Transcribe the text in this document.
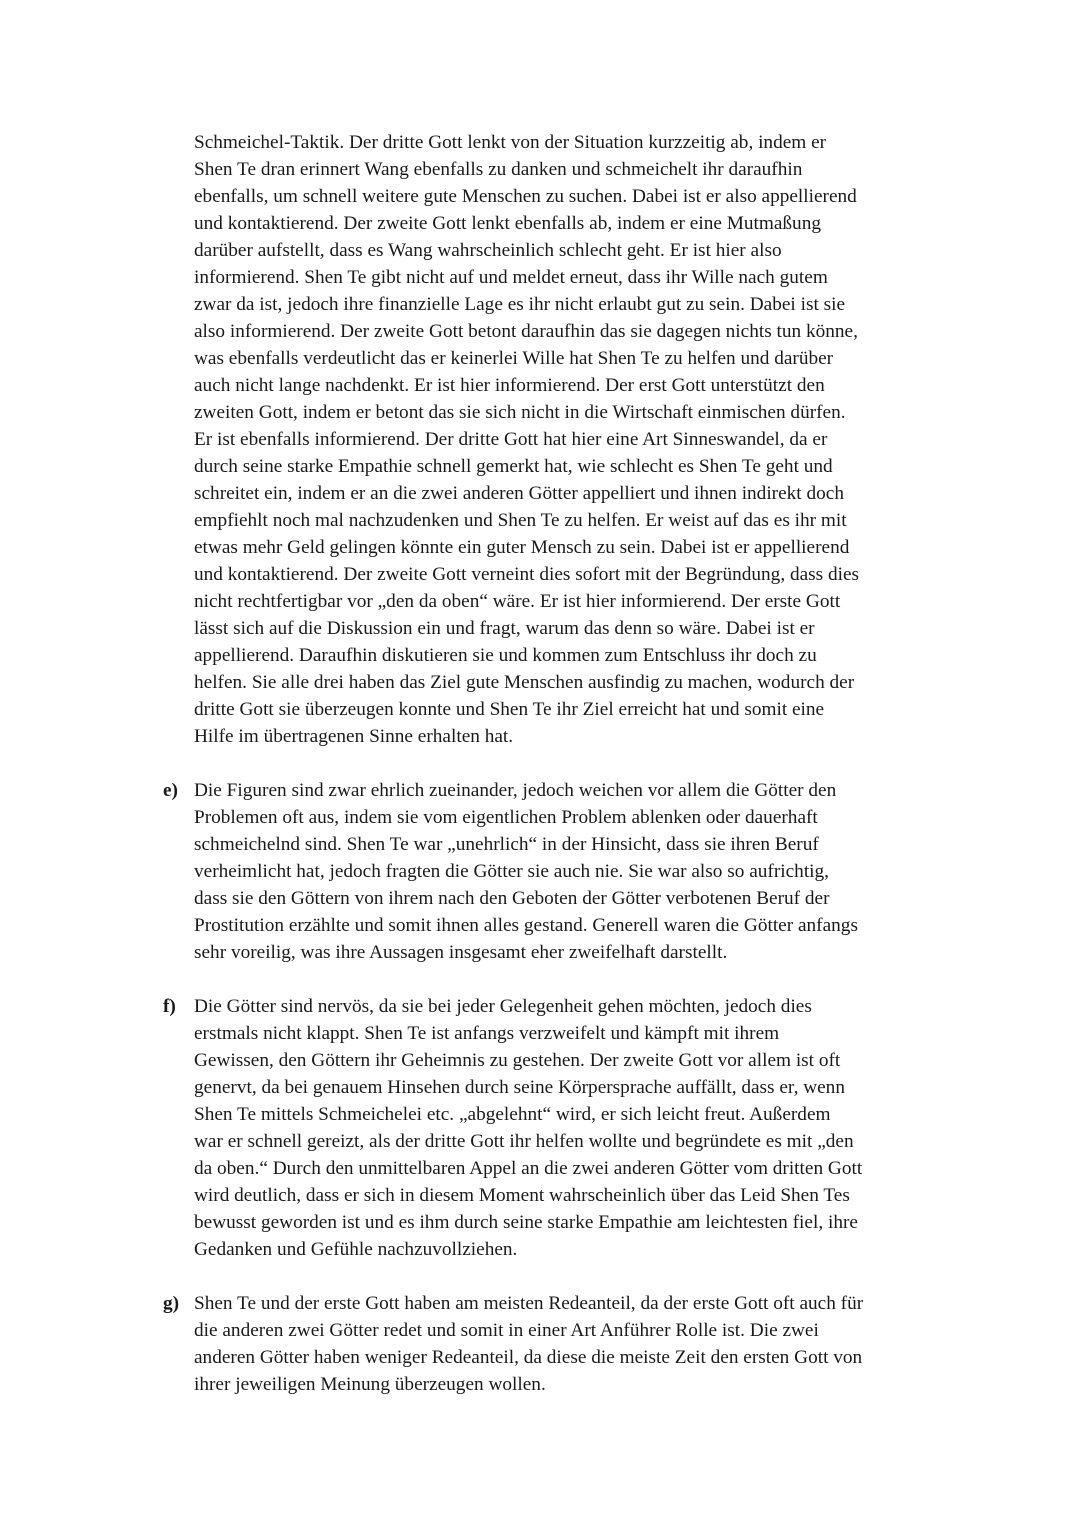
Schmeichel-Taktik. Der dritte Gott lenkt von der Situation kurzzeitig ab, indem er
Shen Te dran erinnert Wang ebenfalls zu danken und schmeichelt ihr daraufhin
ebenfalls, um schnell weitere gute Menschen zu suchen. Dabei ist er also appellierend
und kontaktierend. Der zweite Gott lenkt ebenfalls ab, indem er eine Mutmaßung
darüber aufstellt, dass es Wang wahrscheinlich schlecht geht. Er ist hier also
informierend. Shen Te gibt nicht auf und meldet erneut, dass ihr Wille nach gutem
zwar da ist, jedoch ihre finanzielle Lage es ihr nicht erlaubt gut zu sein. Dabei ist sie
also informierend. Der zweite Gott betont daraufhin das sie dagegen nichts tun könne,
was ebenfalls verdeutlicht das er keinerlei Wille hat Shen Te zu helfen und darüber
auch nicht lange nachdenkt. Er ist hier informierend. Der erst Gott unterstützt den
zweiten Gott, indem er betont das sie sich nicht in die Wirtschaft einmischen dürfen.
Er ist ebenfalls informierend. Der dritte Gott hat hier eine Art Sinneswandel, da er
durch seine starke Empathie schnell gemerkt hat, wie schlecht es Shen Te geht und
schreitet ein, indem er an die zwei anderen Götter appelliert und ihnen indirekt doch
empfiehlt noch mal nachzudenken und Shen Te zu helfen. Er weist auf das es ihr mit
etwas mehr Geld gelingen könnte ein guter Mensch zu sein. Dabei ist er appellierend
und kontaktierend. Der zweite Gott verneint dies sofort mit der Begründung, dass dies
nicht rechtfertigbar vor „den da oben“ wäre. Er ist hier informierend. Der erste Gott
lässt sich auf die Diskussion ein und fragt, warum das denn so wäre. Dabei ist er
appellierend. Daraufhin diskutieren sie und kommen zum Entschluss ihr doch zu
helfen. Sie alle drei haben das Ziel gute Menschen ausfindig zu machen, wodurch der
dritte Gott sie überzeugen konnte und Shen Te ihr Ziel erreicht hat und somit eine
Hilfe im übertragenen Sinne erhalten hat.
e) Die Figuren sind zwar ehrlich zueinander, jedoch weichen vor allem die Götter den
Problemen oft aus, indem sie vom eigentlichen Problem ablenken oder dauerhaft
schmeichelnd sind. Shen Te war „unehrlich“ in der Hinsicht, dass sie ihren Beruf
verheimlicht hat, jedoch fragten die Götter sie auch nie. Sie war also so aufrichtig,
dass sie den Göttern von ihrem nach den Geboten der Götter verbotenen Beruf der
Prostitution erzählte und somit ihnen alles gestand. Generell waren die Götter anfangs
sehr voreilig, was ihre Aussagen insgesamt eher zweifelhaft darstellt.
f) Die Götter sind nervös, da sie bei jeder Gelegenheit gehen möchten, jedoch dies
erstmals nicht klappt. Shen Te ist anfangs verzweifelt und kämpft mit ihrem
Gewissen, den Göttern ihr Geheimnis zu gestehen. Der zweite Gott vor allem ist oft
genervt, da bei genauem Hinsehen durch seine Körpersprache auffällt, dass er, wenn
Shen Te mittels Schmeichelei etc. „abgelehnt“ wird, er sich leicht freut. Außerdem
war er schnell gereizt, als der dritte Gott ihr helfen wollte und begründete es mit „den
da oben.“ Durch den unmittelbaren Appel an die zwei anderen Götter vom dritten Gott
wird deutlich, dass er sich in diesem Moment wahrscheinlich über das Leid Shen Tes
bewusst geworden ist und es ihm durch seine starke Empathie am leichtesten fiel, ihre
Gedanken und Gefühle nachzuvollziehen.
g) Shen Te und der erste Gott haben am meisten Redeanteil, da der erste Gott oft auch für
die anderen zwei Götter redet und somit in einer Art Anführer Rolle ist. Die zwei
anderen Götter haben weniger Redeanteil, da diese die meiste Zeit den ersten Gott von
ihrer jeweiligen Meinung überzeugen wollen.
